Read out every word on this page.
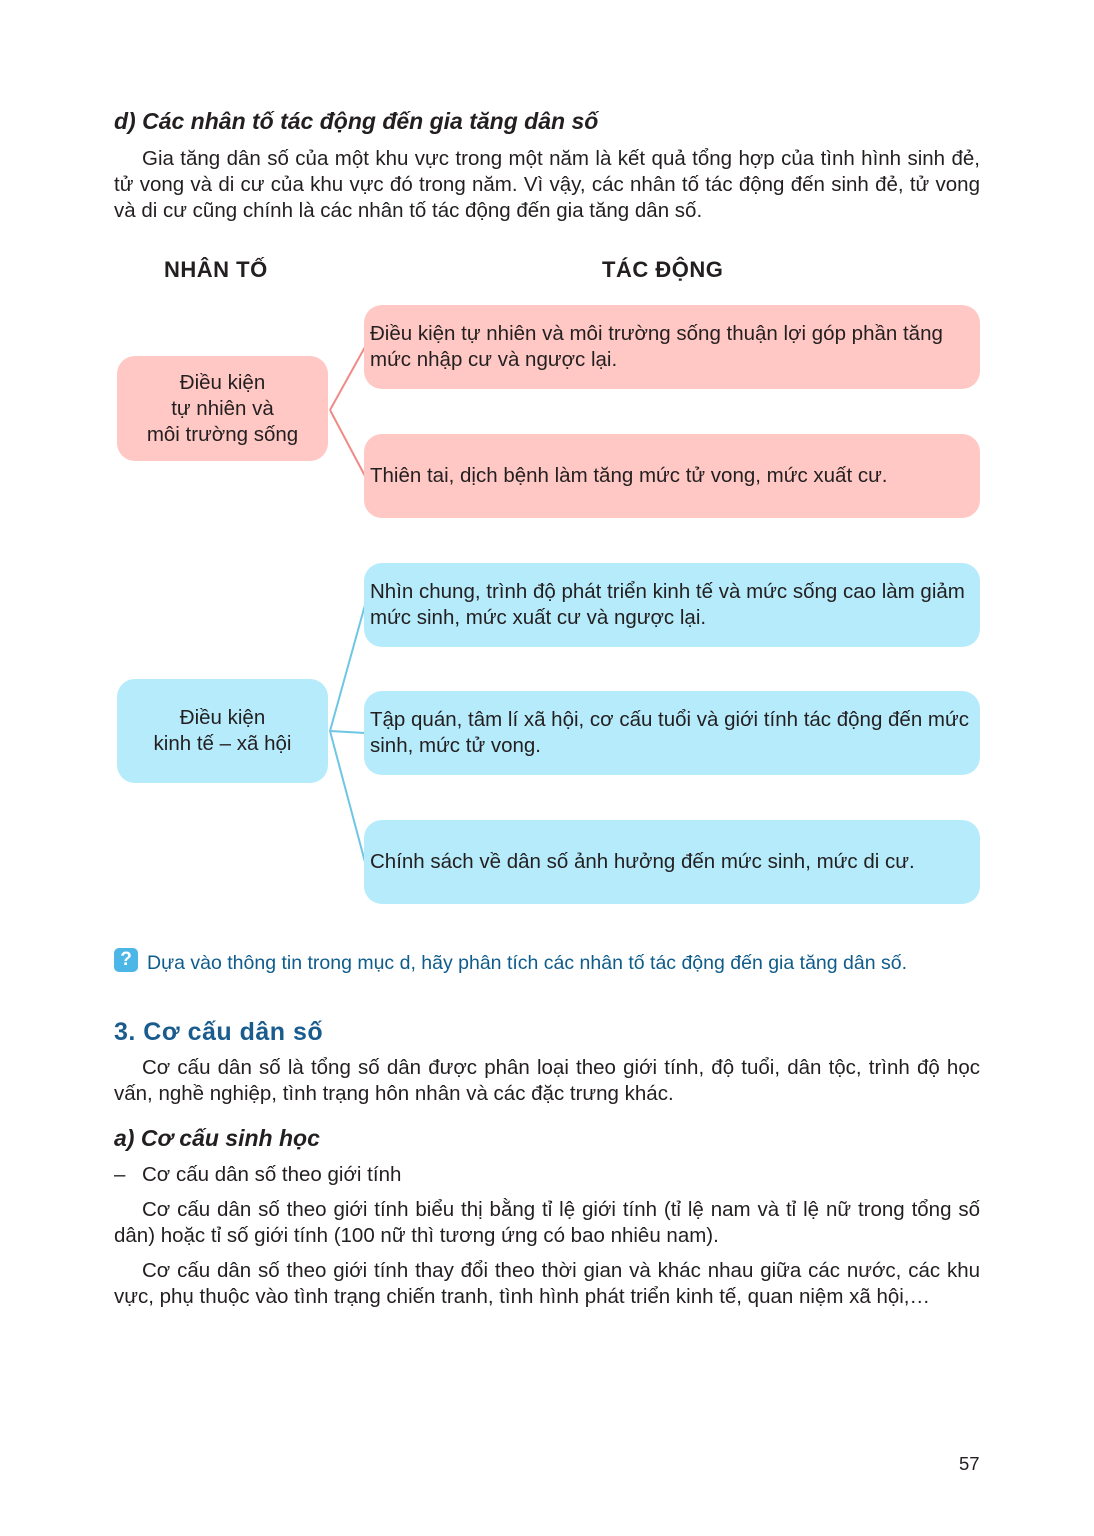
d) Các nhân tố tác động đến gia tăng dân số
Gia tăng dân số của một khu vực trong một năm là kết quả tổng hợp của tình hình sinh đẻ, tử vong và di cư của khu vực đó trong năm. Vì vậy, các nhân tố tác động đến sinh đẻ, tử vong và di cư cũng chính là các nhân tố tác động đến gia tăng dân số.
NHÂN TỐ	TÁC ĐỘNG
Điều kiện
tự nhiên và
môi trường sống
Điều kiện tự nhiên và môi trường sống thuận lợi góp phần tăng mức nhập cư và ngược lại.
Thiên tai, dịch bệnh làm tăng mức tử vong, mức xuất cư.
Điều kiện
kinh tế – xã hội
Nhìn chung, trình độ phát triển kinh tế và mức sống cao làm giảm mức sinh, mức xuất cư và ngược lại.
Tập quán, tâm lí xã hội, cơ cấu tuổi và giới tính tác động đến mức sinh, mức tử vong.
Chính sách về dân số ảnh hưởng đến mức sinh, mức di cư.
? Dựa vào thông tin trong mục d, hãy phân tích các nhân tố tác động đến gia tăng dân số.
3. Cơ cấu dân số
Cơ cấu dân số là tổng số dân được phân loại theo giới tính, độ tuổi, dân tộc, trình độ học vấn, nghề nghiệp, tình trạng hôn nhân và các đặc trưng khác.
a) Cơ cấu sinh học
– Cơ cấu dân số theo giới tính
Cơ cấu dân số theo giới tính biểu thị bằng tỉ lệ giới tính (tỉ lệ nam và tỉ lệ nữ trong tổng số dân) hoặc tỉ số giới tính (100 nữ thì tương ứng có bao nhiêu nam).
Cơ cấu dân số theo giới tính thay đổi theo thời gian và khác nhau giữa các nước, các khu vực, phụ thuộc vào tình trạng chiến tranh, tình hình phát triển kinh tế, quan niệm xã hội,…
57
